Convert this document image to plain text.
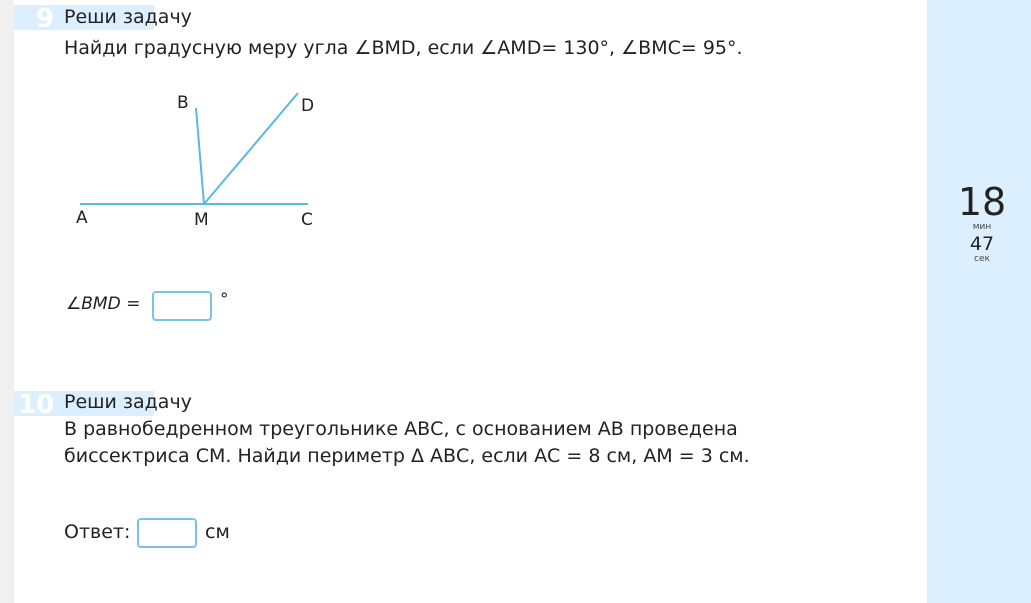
9 Реши задачу
Найди градусную меру угла ∠BMD, если ∠AMD= 130°, ∠BMC= 95°.
A
B
C
D
M
∠BMD =	°
10 Реши задачу
В равнобедренном треугольнике АВС, с основанием АВ проведена
биссектриса СМ. Найди периметр Δ АВС, если АС = 8 см, АМ = 3 см.
Ответ:	см
18
мин
47
сек
